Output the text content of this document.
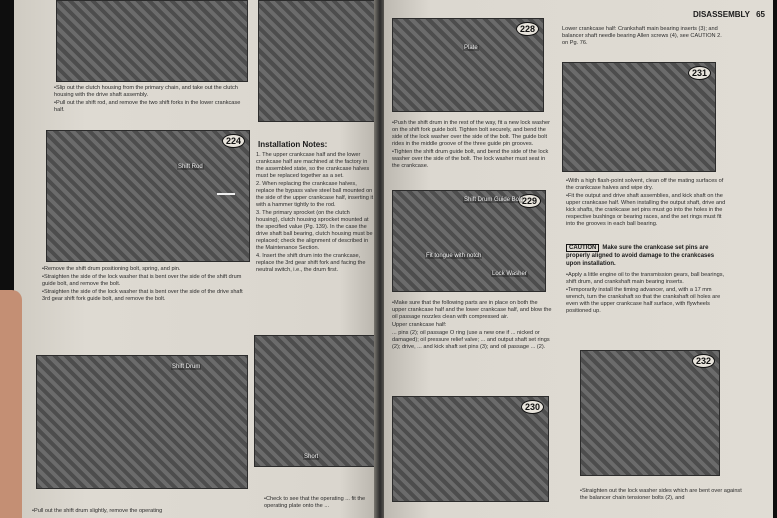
•Slip out the clutch housing from the primary chain, and take out the clutch housing with the drive shaft assembly.

•Pull out the shift rod, and remove the two shift forks in the lower crankcase half.

224
Shift Rod

•Remove the shift drum positioning bolt, spring, and pin.

•Straighten the side of the lock washer that is bent over the side of the shift drum guide bolt, and remove the bolt.

•Straighten the side of the lock washer that is bent over the side of the drive shaft 3rd gear shift fork guide bolt, and remove the bolt.

Shift Drum
•Pull out the shift drum slightly, remove the operating
Installation Notes:

1. The upper crankcase half and the lower crankcase half are machined at the factory in the assembled state, so the crankcase halves must be replaced together as a set.

2. When replacing the crankcase halves, replace the bypass valve steel ball mounted on the side of the upper crankcase half, inserting it with a hammer tightly to the rod.

3. The primary sprocket (on the clutch housing), clutch housing sprocket mounted at the specified value (Pg. 139). In the case the drive shaft ball bearing, clutch housing must be replaced; check the alignment of described in the Maintenance Section.

4. Insert the shift drum into the crankcase, replace the 3rd gear shift fork and facing the neutral switch, i.e., the drum first.

Short
•Check to see that the operating ... fit the operating plate onto the ...
DISASSEMBLY 65
228
Plate
Lower crankcase half: Crankshaft main bearing inserts (3); and balancer shaft needle bearing Allen screws (4), see CAUTION 2. on Pg. 76.
231

•Push the shift drum in the rest of the way, fit a new lock washer on the shift fork guide bolt. Tighten bolt securely, and bend the side of the lock washer over the side of the bolt. The guide bolt rides in the middle groove of the three guide pin grooves.

•Tighten the shift drum guide bolt, and bend the side of the lock washer over the side of the bolt. The lock washer must seat in the crankcase.

229
Shift Drum Guide Bolt
Fit tongue with notch
Lock Washer

•With a high flash-point solvent, clean off the mating surfaces of the crankcase halves and wipe dry.

•Fit the output and drive shaft assemblies, and kick shaft on the upper crankcase half. When installing the output shaft, drive and kick shafts, the crankcase set pins must go into the holes in the respective bushings or bearing races, and the set rings must fit into the grooves in each ball bearing.

CAUTION Make sure the crankcase set pins are properly aligned to avoid damage to the crankcases upon installation.

•Apply a little engine oil to the transmission gears, ball bearings, shift drum, and crankshaft main bearing inserts.

•Temporarily install the timing advancer, and, with a 17 mm wrench, turn the crankshaft so that the crankshaft oil holes are even with the upper crankcase half surface, with flywheels positioned up.

•Make sure that the following parts are in place on both the upper crankcase half and the lower crankcase half, and blow the oil passage nozzles clean with compressed air.

Upper crankcase half:

... pins (2); oil passage O ring (use a new one if ... nicked or damaged); oil pressure relief valve; ... and output shaft set rings (2); drive, ... and kick shaft set pins (3); and oil passage ... (2).

230
232
•Straighten out the lock washer sides which are bent over against the balancer chain tensioner bolts (2), and
